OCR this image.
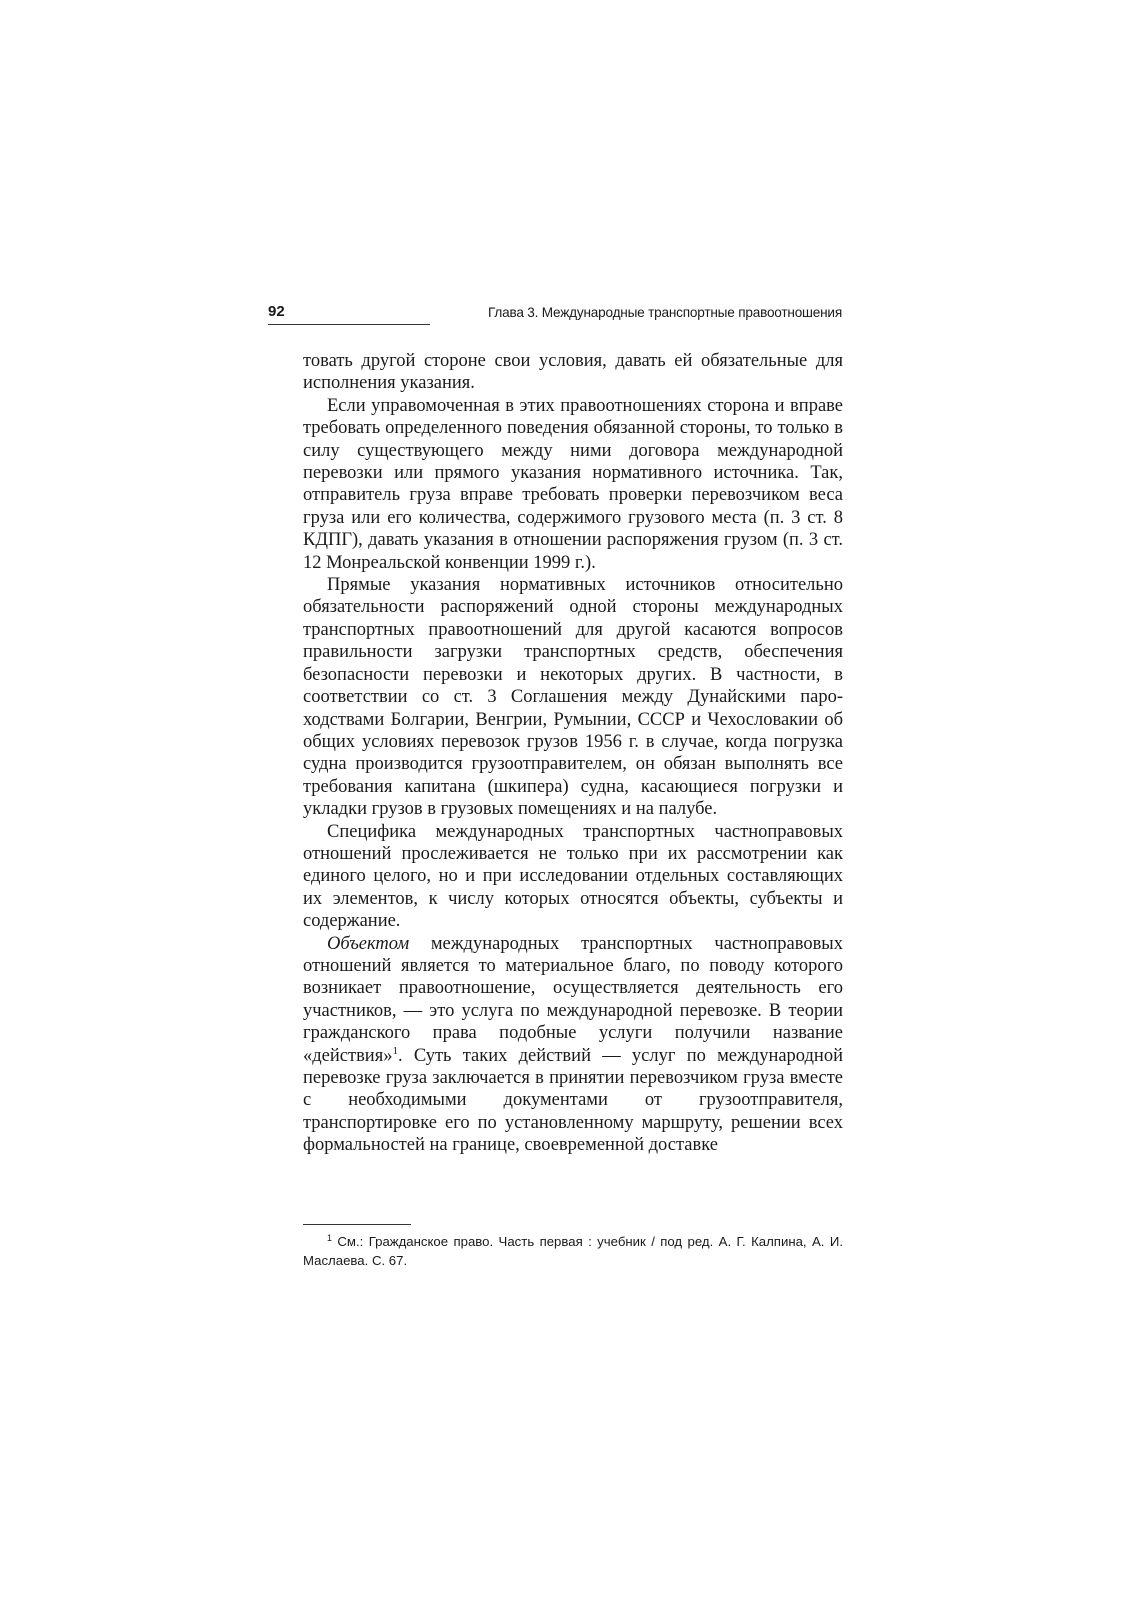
92	Глава 3. Международные транспортные правоотношения

товать другой стороне свои условия, давать ей обязательные для исполнения указания.

Если управомоченная в этих правоотношениях сторона и вправе требовать определенного поведения обязанной стороны, то только в силу существующего между ними договора международной перевозки или прямого указания нормативного источника. Так, отправитель груза вправе требовать проверки перевозчиком веса груза или его количества, содержимого грузового места (п. 3 ст. 8 КДПГ), давать указания в отношении распоряжения грузом (п. 3 ст. 12 Монреальской конвенции 1999 г.).

Прямые указания нормативных источников относительно обязательности распоряжений одной стороны международных транспортных правоотношений для другой касаются вопросов правильности загрузки транспортных средств, обеспечения безопасности перевозки и некоторых других. В частности, в соответствии со ст. 3 Соглашения между Дунайскими пароходствами Болгарии, Венгрии, Румынии, СССР и Чехословакии об общих условиях перевозок грузов 1956 г. в случае, когда погрузка судна производится грузоотправителем, он обязан выполнять все требования капитана (шкипера) судна, касающиеся погрузки и укладки грузов в грузовых помещениях и на палубе.

Специфика международных транспортных частноправовых отношений прослеживается не только при их рассмотрении как единого целого, но и при исследовании отдельных составляющих их элементов, к числу которых относятся объекты, субъекты и содержание.

Объектом международных транспортных частноправовых отношений является то материальное благо, по поводу которого возникает правоотношение, осуществляется деятельность его участников, — это услуга по международной перевозке. В теории гражданского права подобные услуги получили название «действия»$^1$. Суть таких действий — услуг по международной перевозке груза заключается в принятии перевозчиком груза вместе с необходимыми документами от грузоотправителя, транспортировке его по установленному маршруту, решении всех формальностей на границе, своевременной доставке

$^1$ См.: Гражданское право. Часть первая : учебник / под ред. А. Г. Калпина, А. И. Маслаева. С. 67.
